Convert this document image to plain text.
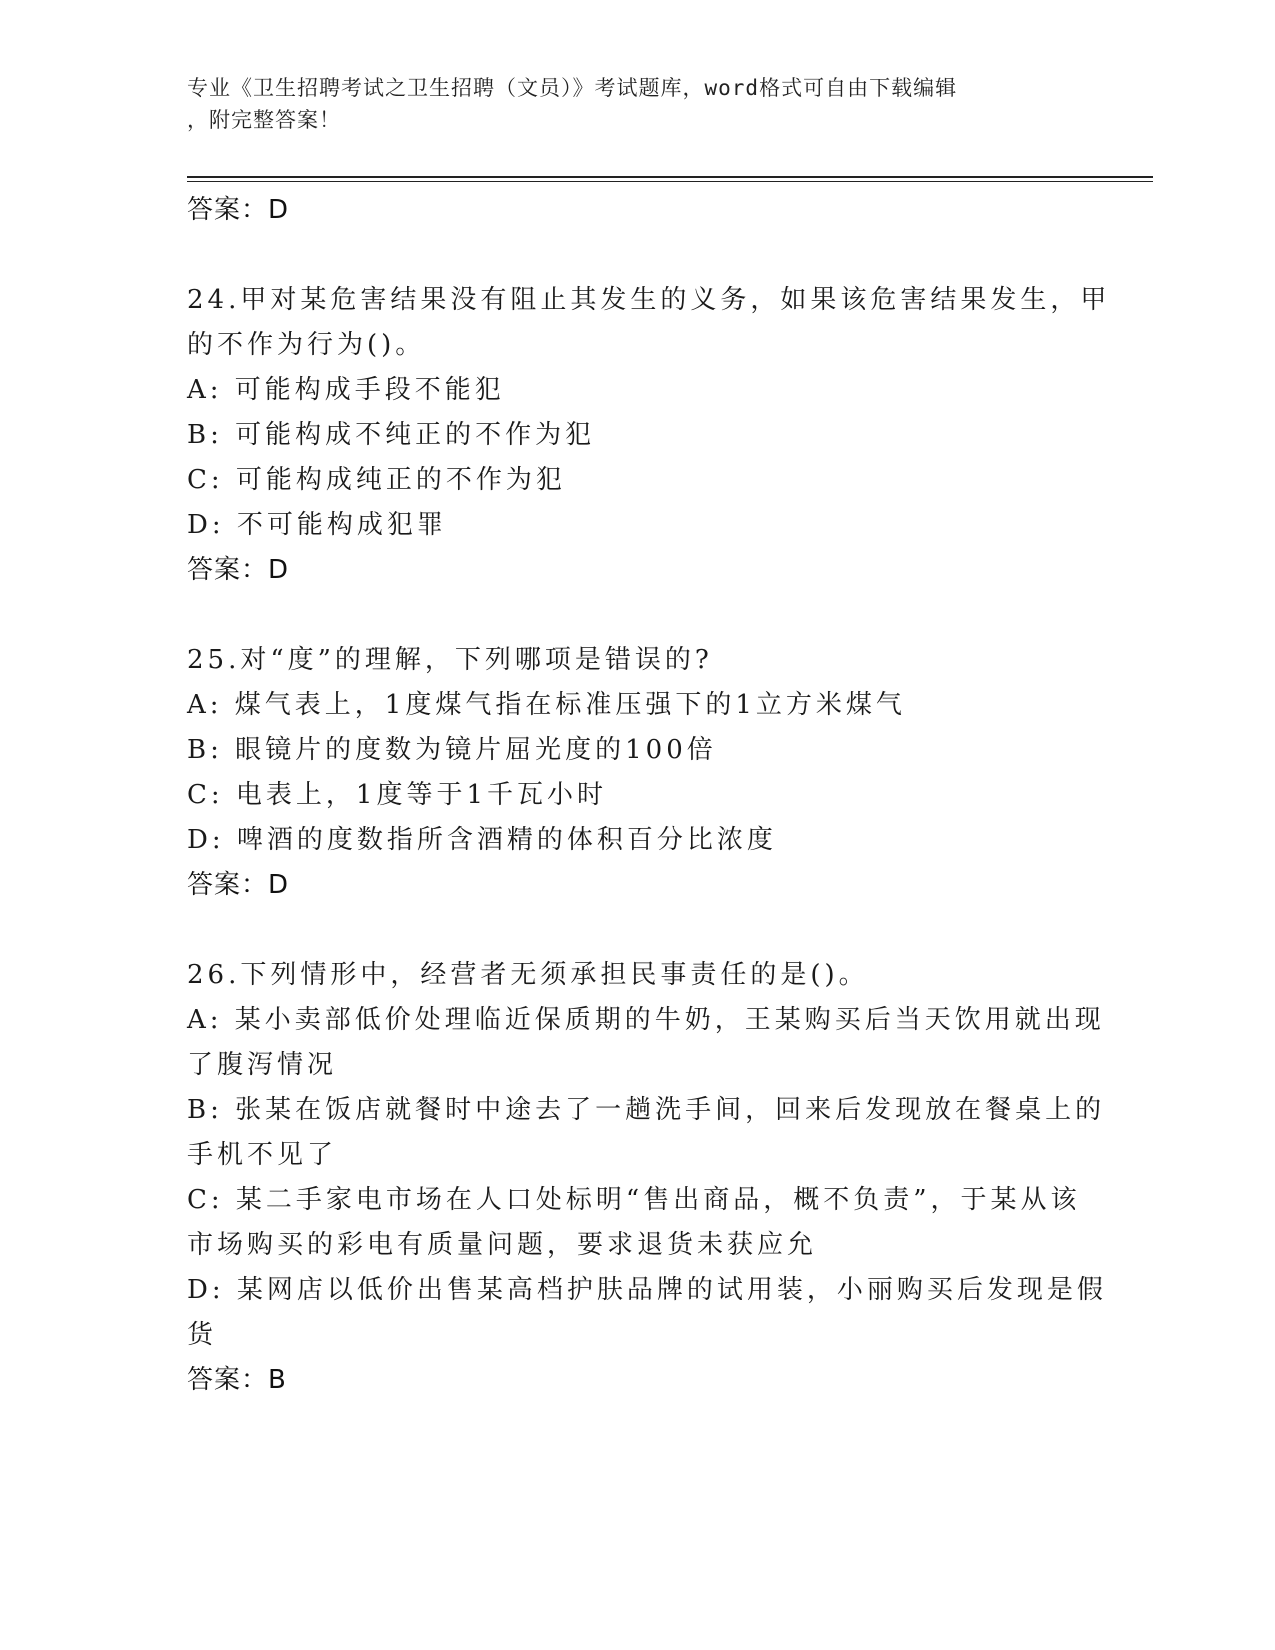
专业《卫生招聘考试之卫生招聘（文员）》考试题库，word格式可自由下载编辑
，附完整答案！
答案：D
24.甲对某危害结果没有阻止其发生的义务，如果该危害结果发生，甲
的不作为行为()。
A: 可能构成手段不能犯
B: 可能构成不纯正的不作为犯
C: 可能构成纯正的不作为犯
D: 不可能构成犯罪
答案：D
25.对“度”的理解，下列哪项是错误的?
A: 煤气表上，1度煤气指在标准压强下的1立方米煤气
B: 眼镜片的度数为镜片屈光度的100倍
C: 电表上，1度等于1千瓦小时
D: 啤酒的度数指所含酒精的体积百分比浓度
答案：D
26.下列情形中，经营者无须承担民事责任的是()。
A: 某小卖部低价处理临近保质期的牛奶，王某购买后当天饮用就出现
了腹泻情况
B: 张某在饭店就餐时中途去了一趟洗手间，回来后发现放在餐桌上的
手机不见了
C: 某二手家电市场在人口处标明“售出商品，概不负责”，于某从该
市场购买的彩电有质量问题，要求退货未获应允
D: 某网店以低价出售某高档护肤品牌的试用装，小丽购买后发现是假
货
答案：B
